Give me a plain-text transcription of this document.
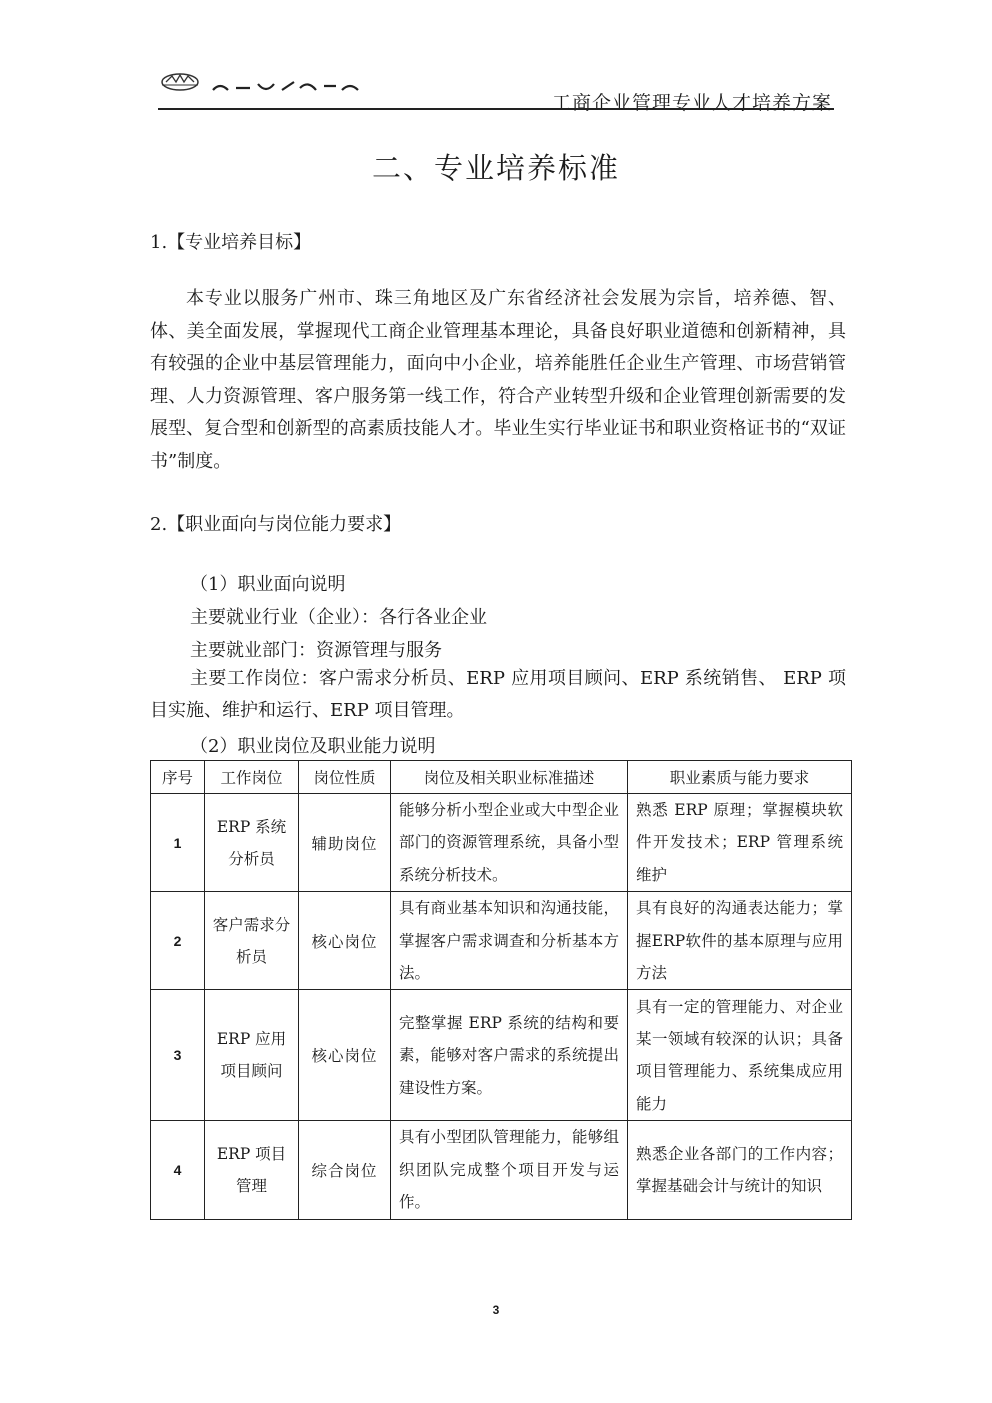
工商企业管理专业人才培养方案
二、专业培养标准
1.【专业培养目标】
本专业以服务广州市、珠三角地区及广东省经济社会发展为宗旨，培养德、智、体、美全面发展，掌握现代工商企业管理基本理论，具备良好职业道德和创新精神，具有较强的企业中基层管理能力，面向中小企业，培养能胜任企业生产管理、市场营销管理、人力资源管理、客户服务第一线工作，符合产业转型升级和企业管理创新需要的发展型、复合型和创新型的高素质技能人才。毕业生实行毕业证书和职业资格证书的“双证书”制度。
2.【职业面向与岗位能力要求】
（1）职业面向说明
主要就业行业（企业）：各行各业企业
主要就业部门：资源管理与服务
主要工作岗位：客户需求分析员、ERP 应用项目顾问、ERP 系统销售、 ERP 项目实施、维护和运行、ERP 项目管理。
（2）职业岗位及职业能力说明
序号	工作岗位	岗位性质	岗位及相关职业标准描述	职业素质与能力要求
1	ERP 系统分析员	辅助岗位	能够分析小型企业或大中型企业部门的资源管理系统，具备小型系统分析技术。	熟悉 ERP 原理；掌握模块软件开发技术；ERP 管理系统维护
2	客户需求分析员	核心岗位	具有商业基本知识和沟通技能，掌握客户需求调查和分析基本方法。	具有良好的沟通表达能力；掌握ERP软件的基本原理与应用方法
3	ERP 应用项目顾问	核心岗位	完整掌握 ERP 系统的结构和要素，能够对客户需求的系统提出建设性方案。	具有一定的管理能力、对企业某一领域有较深的认识；具备项目管理能力、系统集成应用能力
4	ERP 项目管理	综合岗位	具有小型团队管理能力，能够组织团队完成整个项目开发与运作。	熟悉企业各部门的工作内容；掌握基础会计与统计的知识
3
